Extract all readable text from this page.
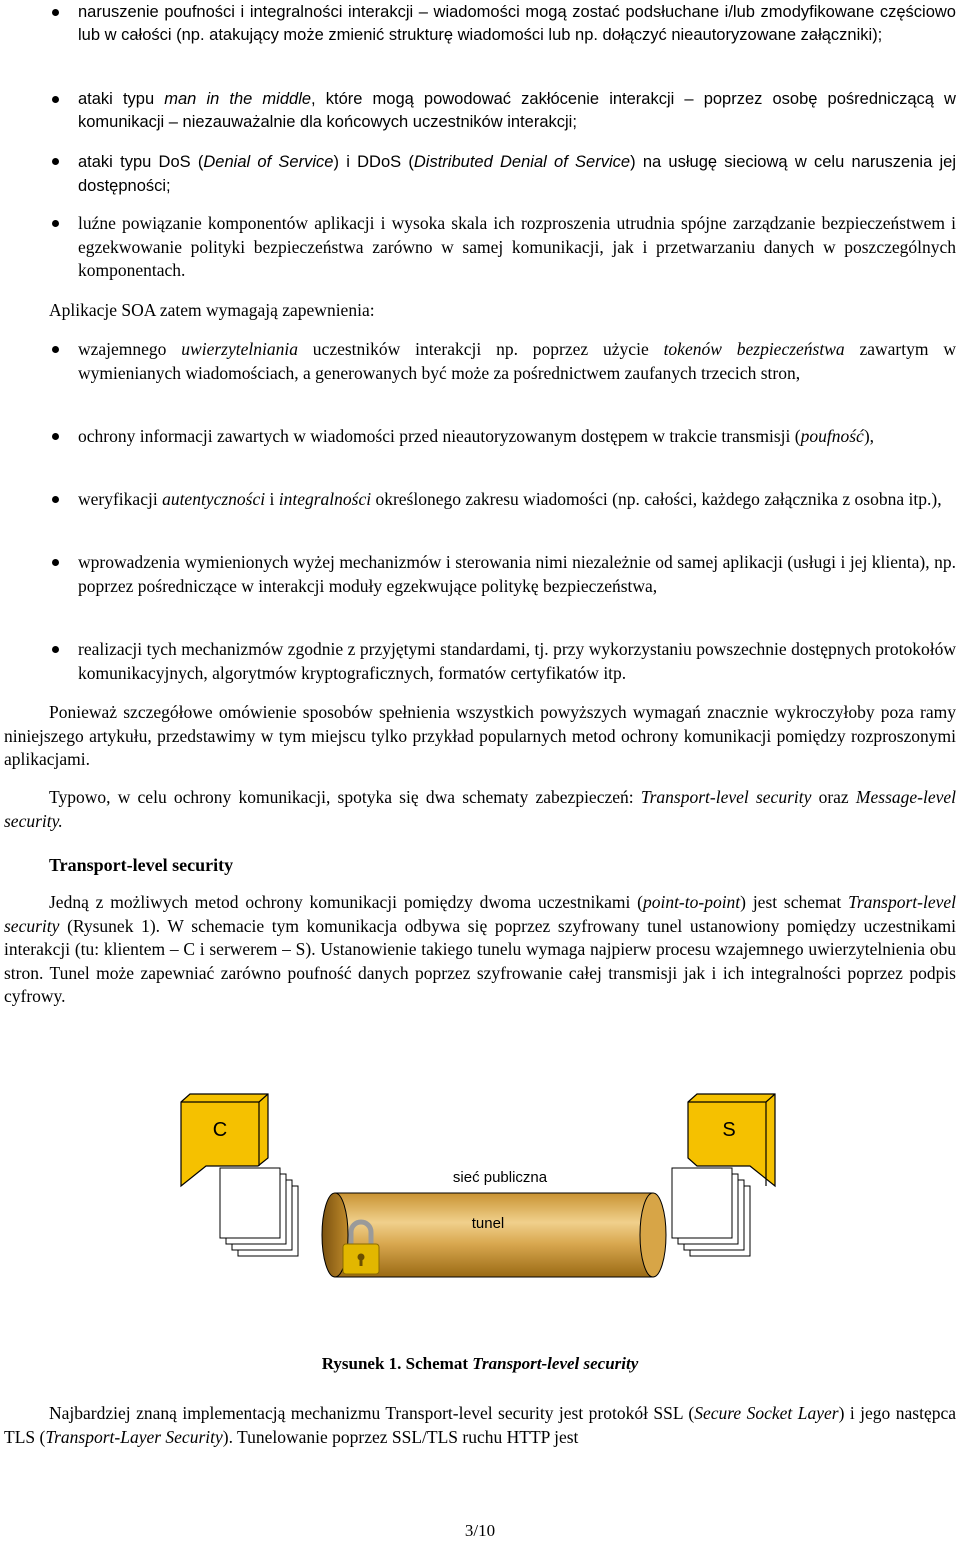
naruszenie poufności i integralności interakcji – wiadomości mogą zostać podsłuchane i/lub zmodyfikowane częściowo lub w całości (np. atakujący może zmienić strukturę wiadomości lub np. dołączyć nieautoryzowane załączniki);
ataki typu man in the middle, które mogą powodować zakłócenie interakcji – poprzez osobę pośredniczącą w komunikacji – niezauważalnie dla końcowych uczestników interakcji;
ataki typu DoS (Denial of Service) i DDoS (Distributed Denial of Service) na usługę sieciową w celu naruszenia jej dostępności;
luźne powiązanie komponentów aplikacji i wysoka skala ich rozproszenia utrudnia spójne zarządzanie bezpieczeństwem i egzekwowanie polityki bezpieczeństwa zarówno w samej komunikacji, jak i przetwarzaniu danych w poszczególnych komponentach.
Aplikacje SOA zatem wymagają zapewnienia:
wzajemnego uwierzytelniania uczestników interakcji np. poprzez użycie tokenów bezpieczeństwa zawartym w wymienianych wiadomościach, a generowanych być może za pośrednictwem zaufanych trzecich stron,
ochrony informacji zawartych w wiadomości przed nieautoryzowanym dostępem w trakcie transmisji (poufność),
weryfikacji autentyczności i integralności określonego zakresu wiadomości (np. całości, każdego załącznika z osobna itp.),
wprowadzenia wymienionych wyżej mechanizmów i sterowania nimi niezależnie od samej aplikacji (usługi i jej klienta), np. poprzez pośredniczące w interakcji moduły egzekwujące politykę bezpieczeństwa,
realizacji tych mechanizmów zgodnie z przyjętymi standardami, tj. przy wykorzystaniu powszechnie dostępnych protokołów komunikacyjnych, algorytmów kryptograficznych, formatów certyfikatów itp.
Ponieważ szczegółowe omówienie sposobów spełnienia wszystkich powyższych wymagań znacznie wykroczyłoby poza ramy niniejszego artykułu, przedstawimy w tym miejscu tylko przykład popularnych metod ochrony komunikacji pomiędzy rozproszonymi aplikacjami.
Typowo, w celu ochrony komunikacji, spotyka się dwa schematy zabezpieczeń: Transport-level security oraz Message-level security.
Transport-level security
Jedną z możliwych metod ochrony komunikacji pomiędzy dwoma uczestnikami (point-to-point) jest schemat Transport-level security (Rysunek 1). W schemacie tym komunikacja odbywa się poprzez szyfrowany tunel ustanowiony pomiędzy uczestnikami interakcji (tu: klientem – C i serwerem – S). Ustanowienie takiego tunelu wymaga najpierw procesu wzajemnego uwierzytelnienia obu stron. Tunel może zapewniać zarówno poufność danych poprzez szyfrowanie całej transmisji jak i ich integralności poprzez podpis cyfrowy.
C	S
tunel
sieć publiczna
Rysunek 1. Schemat Transport-level security
Najbardziej znaną implementacją mechanizmu Transport-level security jest protokół SSL (Secure Socket Layer) i jego następca TLS (Transport-Layer Security). Tunelowanie poprzez SSL/TLS ruchu HTTP jest
3/10
